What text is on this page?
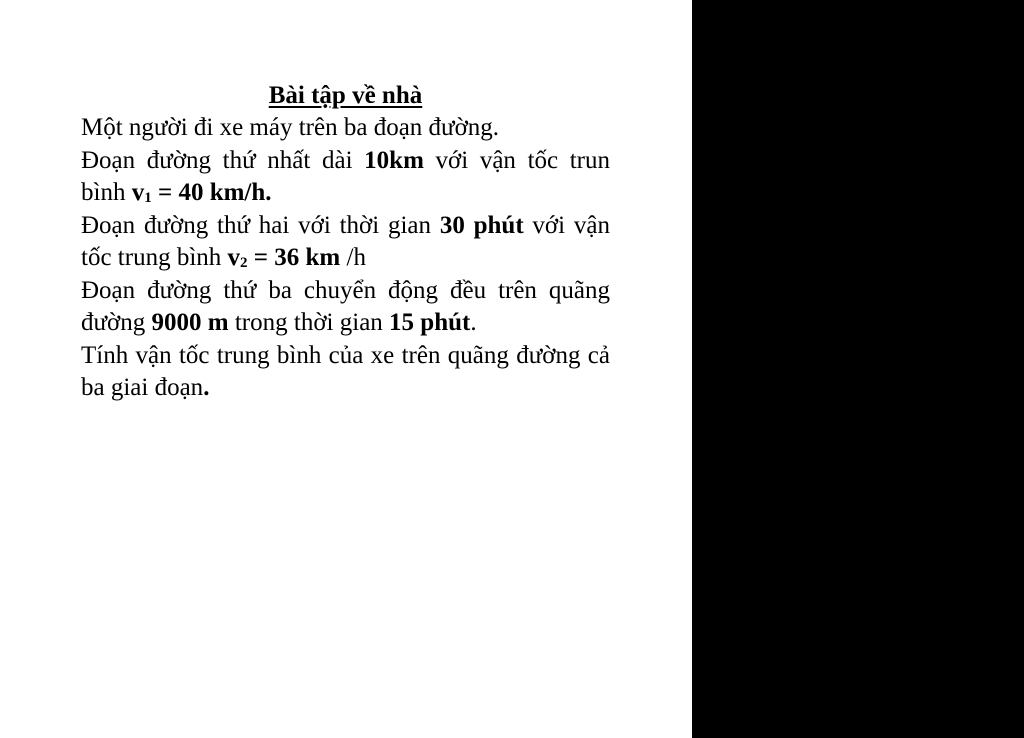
Bài tập về nhà

Một người đi xe máy trên ba đoạn đường.

Đoạn đường thứ nhất dài 10km với vận tốc trun bình $v_1 = 40$ km/h.

Đoạn đường thứ hai với thời gian 30 phút với vận tốc trung bình $v_2 = 36$ km /h

Đoạn đường thứ ba chuyển động đều trên quãng đường 9000 m trong thời gian 15 phút.

Tính vận tốc trung bình của xe trên quãng đường cả ba giai đoạn.
